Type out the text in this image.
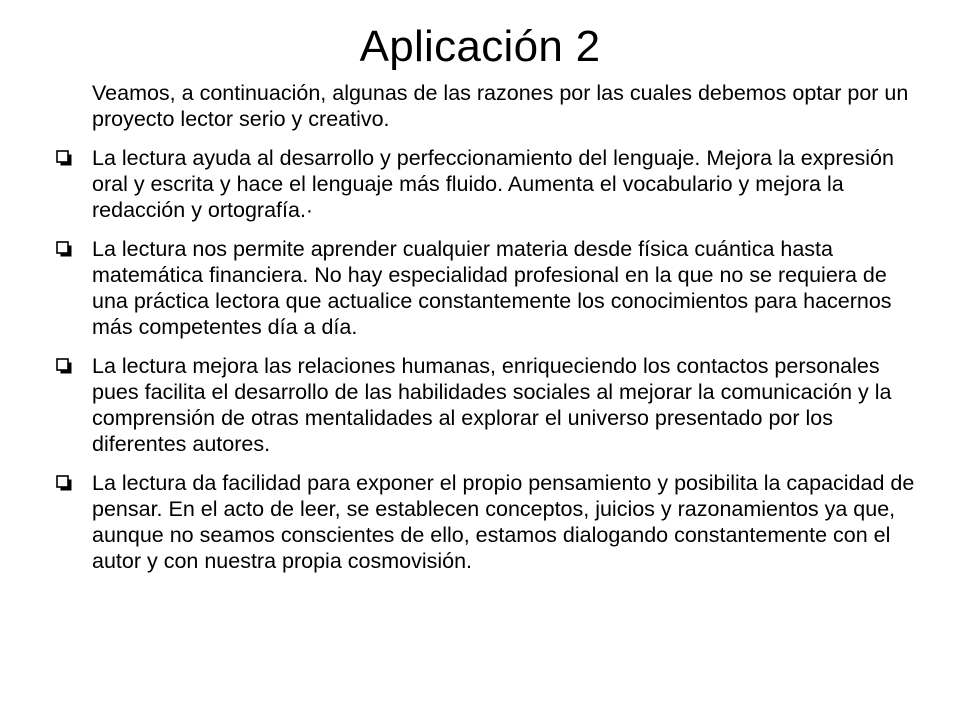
Aplicación 2

Veamos, a continuación, algunas de las razones por las cuales debemos optar por un proyecto lector serio y creativo.

La lectura ayuda al desarrollo y perfeccionamiento del lenguaje. Mejora la expresión oral y escrita y hace el lenguaje más fluido. Aumenta el vocabulario y mejora la redacción y ortografía.·
La lectura nos permite aprender cualquier materia desde física cuántica hasta matemática financiera. No hay especialidad profesional en la que no se requiera de una práctica lectora que actualice constantemente los conocimientos para hacernos más competentes día a día.
La lectura mejora las relaciones humanas, enriqueciendo los contactos personales pues facilita el desarrollo de las habilidades sociales al mejorar la comunicación y la comprensión de otras mentalidades al explorar el universo presentado por los diferentes autores.
La lectura da facilidad para exponer el propio pensamiento y posibilita la capacidad de pensar. En el acto de leer, se establecen conceptos, juicios y razonamientos ya que, aunque no seamos conscientes de ello, estamos dialogando constantemente con el autor y con nuestra propia cosmovisión.
